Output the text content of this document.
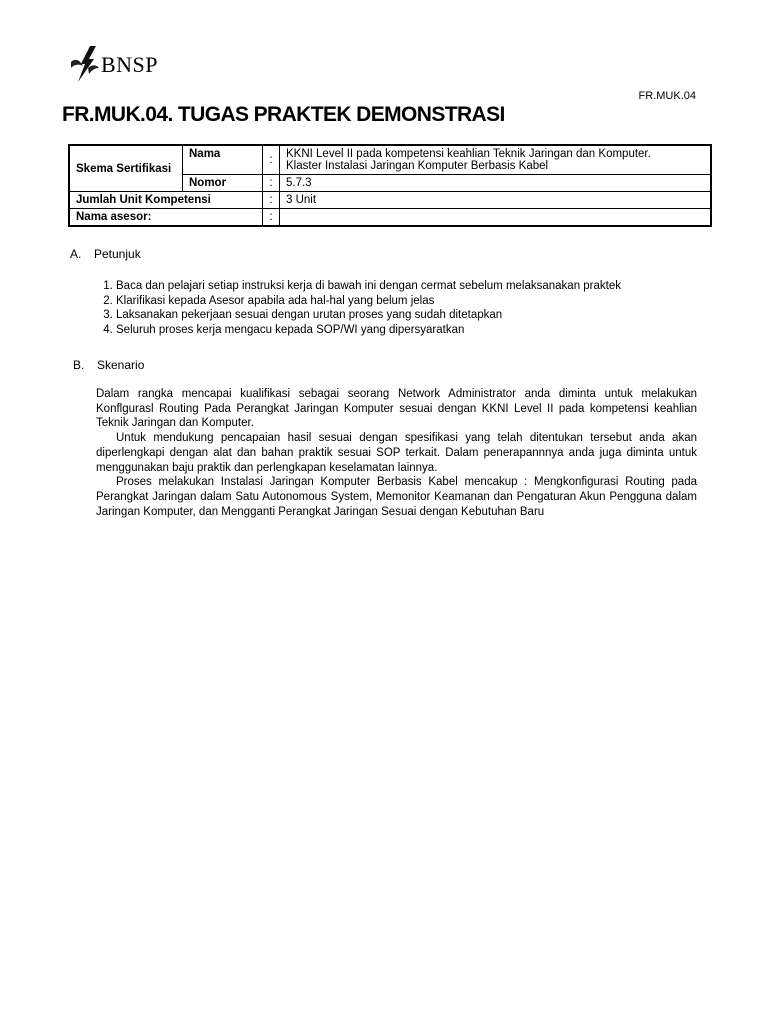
BNSP
FR.MUK.04
FR.MUK.04. TUGAS PRAKTEK DEMONSTRASI
Skema Sertifikasi	Nama	:	KKNI Level II pada kompetensi keahlian Teknik Jaringan dan Komputer.
Klaster Instalasi Jaringan Komputer Berbasis Kabel

	Nomor	:	5.7.3
Jumlah Unit Kompetensi		:	3 Unit
Nama asesor:		:	
A. Petunjuk
1. Baca dan pelajari setiap instruksi kerja di bawah ini dengan cermat sebelum melaksanakan praktek
2. Klarifikasi kepada Asesor apabila ada hal-hal yang belum jelas
3. Laksanakan pekerjaan sesuai dengan urutan proses yang sudah ditetapkan
4. Seluruh proses kerja mengacu kepada SOP/WI yang dipersyaratkan
B. Skenario

Dalam rangka mencapai kualifikasi sebagai seorang Network Administrator anda diminta untuk melakukan Konflgurasl Routing Pada Perangkat Jaringan Komputer sesuai dengan KKNI Level II pada kompetensi keahlian Teknik Jaringan dan Komputer.

Untuk mendukung pencapaian hasil sesuai dengan spesifikasi yang telah ditentukan tersebut anda akan diperlengkapi dengan alat dan bahan praktik sesuai SOP terkait. Dalam penerapannnya anda juga diminta untuk menggunakan baju praktik dan perlengkapan keselamatan lainnya.

Proses melakukan Instalasi Jaringan Komputer Berbasis Kabel mencakup : Mengkonfigurasi Routing pada Perangkat Jaringan dalam Satu Autonomous System, Memonitor Keamanan dan Pengaturan Akun Pengguna dalam Jaringan Komputer, dan Mengganti Perangkat Jaringan Sesuai dengan Kebutuhan Baru
